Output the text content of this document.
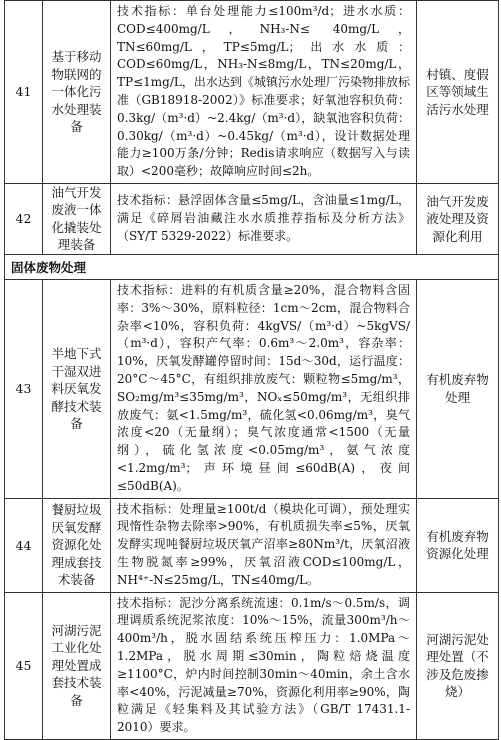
41	基于移动物联网的一体化污水处理装备	技术指标：单台处理能力≤100m³/d；进水水质：COD≤400mg/L，NH₃-N≤ 40mg/L，TN≤60mg/L，TP≤5mg/L；出水水质：COD≤60mg/L，NH₃-N≤8mg/L，TN≤20mg/L，TP≤1mg/L，出水达到《城镇污水处理厂污染物排放标准（GB18918-2002）》标准要求；好氧池容积负荷：0.3kg/（m³·d）~2.4kg/（m³·d），缺氧池容积负荷：0.30kg/（m³·d）~0.45kg/（m³·d），设计数据处理能力≥100万条/分钟；Redis请求响应（数据写入与读取）<200毫秒；故障响应时间≤2h。	村镇、度假区等领域生活污水处理
42	油气开发废液一体化撬装处理装备	技术指标：悬浮固体含量≤5mg/L，含油量≤1mg/L，满足《碎屑岩油藏注水水质推荐指标及分析方法》（SY/T 5329-2022）标准要求。	油气开发废液处理及资源化利用
固体废物处理			
43	半地下式干湿双进料厌氧发酵技术装备	技术指标：进料的有机质含量≥20%，混合物料含固率：3%～30%，原料粒径：1cm～2cm，混合物料合杂率<10%，容积负荷：4kgVS/（m³·d）~5kgVS/（m³·d），容积产气率：0.6m³～2.0m³，容杂率：10%，厌氧发酵罐停留时间：15d～30d，运行温度：20°C～45°C，有组织排放废气：颗粒物≤5mg/m³，SO₂mg/m³≤35mg/m³，NOₓ≤50mg/m³，无组织排放废气：氨<1.5mg/m³，硫化氢<0.06mg/m³，臭气浓度<20（无量纲）；臭气浓度通常<1500（无量纲），硫化氢浓度<0.05mg/m³，氨气浓度<1.2mg/m³；声环境昼间≤60dB(A)，夜间≤50dB(A)。	有机废弃物处理
44	餐厨垃圾厌氧发酵资源化处理成套技术装备	技术指标：处理量≥100t/d（模块化可调），预处理实现惰性杂物去除率>90%，有机质损失率≤5%，厌氧发酵实现吨餐厨垃圾厌氧产沼率≥80Nm³/t，厌氧沼液生物脱氮率≥99%，厌氧沼液COD≤100mg/L，NH⁴⁺-N≤25mg/L，TN≤40mg/L。	有机废弃物资源化处理
45	河湖污泥工业化处理处置成套技术装备	技术指标：泥沙分离系统流速：0.1m/s～0.5m/s，调理调质系统泥浆浓度：10%～15%，流量300m³/h～400m³/h，脱水固结系统压榨压力：1.0MPa～1.2MPa，脱水周期≤30min，陶粒焙烧温度≥1100°C，炉内时间控制30min～40min，余土含水率<40%，污泥减量≥70%，资源化利用率≥90%，陶粒满足《轻集料及其试验方法》（GB/T 17431.1-2010）要求。	河湖污泥处理处置（不涉及危废掺烧）
